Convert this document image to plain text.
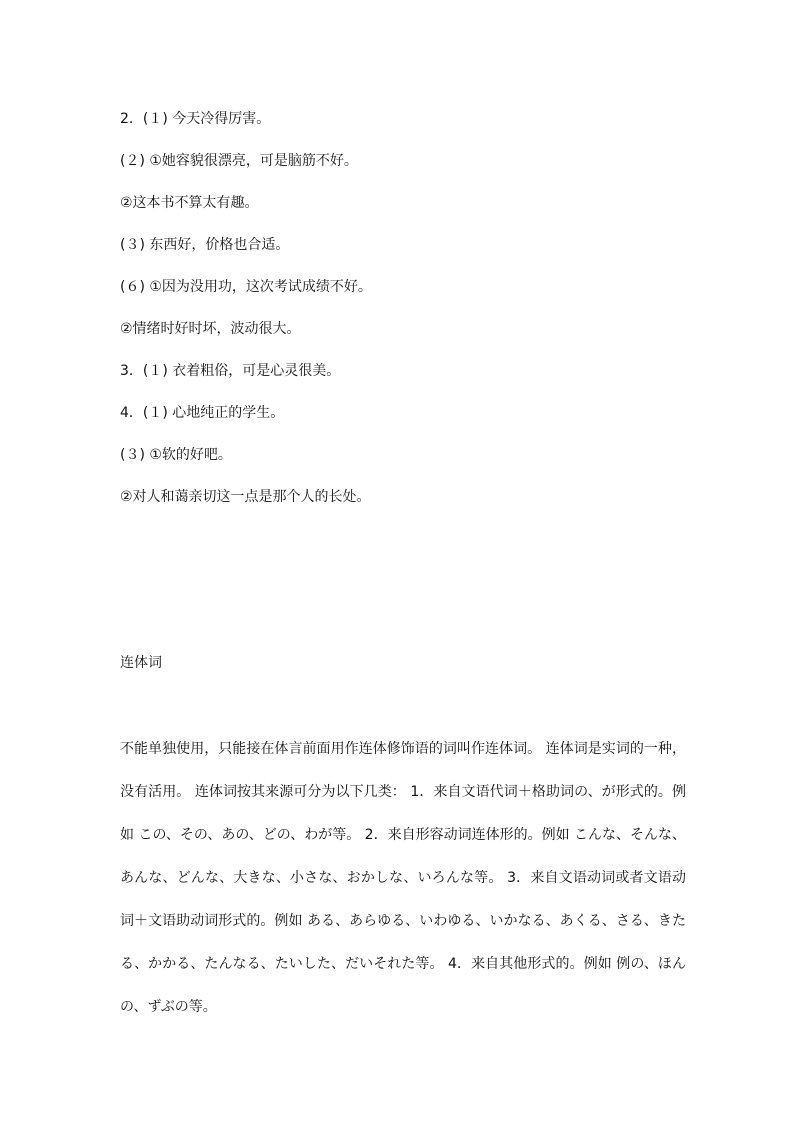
2．(１) 今天冷得厉害。

(２) ①她容貌很漂亮，可是脑筋不好。

②这本书不算太有趣。

(３) 东西好，价格也合适。

(６) ①因为没用功，这次考试成绩不好。

②情绪时好时坏，波动很大。

3．(１) 衣着粗俗，可是心灵很美。

4．(１) 心地纯正的学生。

(３) ①软的好吧。

②对人和蔼亲切这一点是那个人的长处。

连体词

不能单独使用，只能接在体言前面用作连体修饰语的词叫作连体词。 连体词是实词的一种，没有活用。 连体词按其来源可分为以下几类： 1．来自文语代词＋格助词の、が形式的。例如 この、その、あの、どの、わが等。 2．来自形容动词连体形的。例如 こんな、そんな、あんな、どんな、大きな、小さな、おかしな、いろんな等。 3．来自文语动词或者文语动词＋文语助动词形式的。例如 ある、あらゆる、いわゆる、いかなる、あくる、さる、きたる、かかる、たんなる、たいした、だいそれた等。 4．来自其他形式的。例如 例の、ほんの、ずぶの等。
